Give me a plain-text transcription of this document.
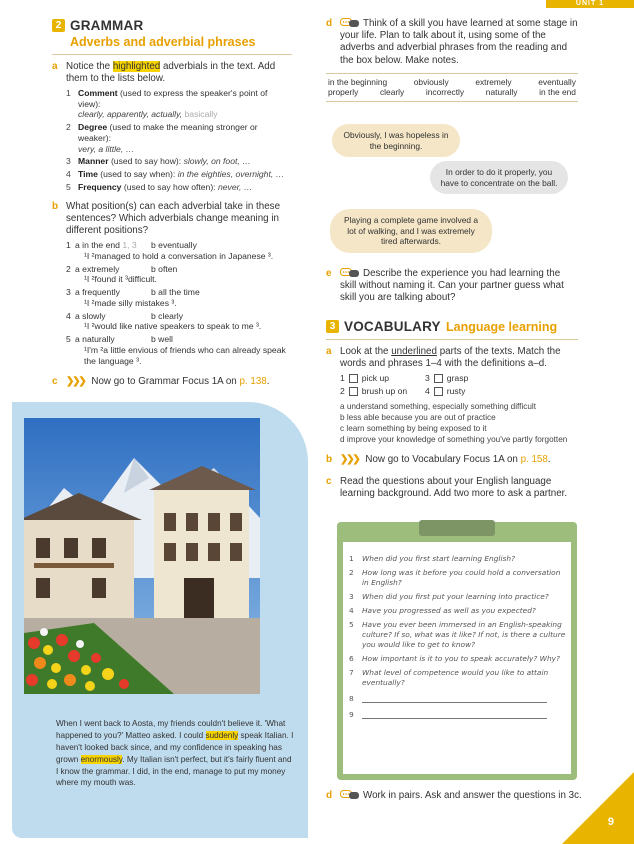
UNIT 1
2 GRAMMAR
Adverbs and adverbial phrases
a Notice the highlighted adverbials in the text. Add them to the lists below.
1 Comment (used to express the speaker's point of view):
clearly, apparently, actually, basically
2 Degree (used to make the meaning stronger or weaker):
very, a little, …
3 Manner (used to say how): slowly, on foot, …
4 Time (used to say when): in the eighties, overnight, …
5 Frequency (used to say how often): never, …
b What position(s) can each adverbial take in these sentences? Which adverbials change meaning in different positions?
1 a in the end 1, 3	b eventually
¹I ²managed to hold a conversation in Japanese ³.
2 a extremely	b often
¹I ²found it ³difficult.
3 a frequently	b all the time
¹I ²made silly mistakes ³.
4 a slowly	b clearly
¹I ²would like native speakers to speak to me ³.
5 a naturally	b well
¹I'm ²a little envious of friends who can already speak the language ³.
c ❯❯❯ Now go to Grammar Focus 1A on p. 138.
When I went back to Aosta, my friends couldn't believe it. 'What happened to you?' Matteo asked. I could suddenly speak Italian. I haven't looked back since, and my confidence in speaking has grown enormously. My Italian isn't perfect, but it's fairly fluent and I know the grammar. I did, in the end, manage to put my money where my mouth was.
d	Think of a skill you have learned at some stage in your life. Plan to talk about it, using some of the adverbs and adverbial phrases from the reading and the box below. Make notes.
in the beginning	obviously	extremely	eventually
properly	clearly	incorrectly	naturally	in the end
Obviously, I was hopeless in the beginning.
In order to do it properly, you have to concentrate on the ball.
Playing a complete game involved a lot of walking, and I was extremely tired afterwards.
e	Describe the experience you had learning the skill without naming it. Can your partner guess what skill you are talking about?
3 VOCABULARY Language learning
a Look at the underlined parts of the texts. Match the words and phrases 1–4 with the definitions a–d.
1 pick up	3 grasp
2 brush up on	4 rusty
a understand something, especially something difficult
b less able because you are out of practice
c learn something by being exposed to it
d improve your knowledge of something you've partly forgotten
b ❯❯❯ Now go to Vocabulary Focus 1A on p. 158.
c Read the questions about your English language learning background. Add two more to ask a partner.
1	When did you first start learning English?
2	How long was it before you could hold a conversation in English?
3	When did you first put your learning into practice?
4	Have you progressed as well as you expected?
5	Have you ever been immersed in an English-speaking culture? If so, what was it like? If not, is there a culture you would like to get to know?
6	How important is it to you to speak accurately? Why?
7	What level of competence would you like to attain eventually?
8
9
d	Work in pairs. Ask and answer the questions in 3c.
9
